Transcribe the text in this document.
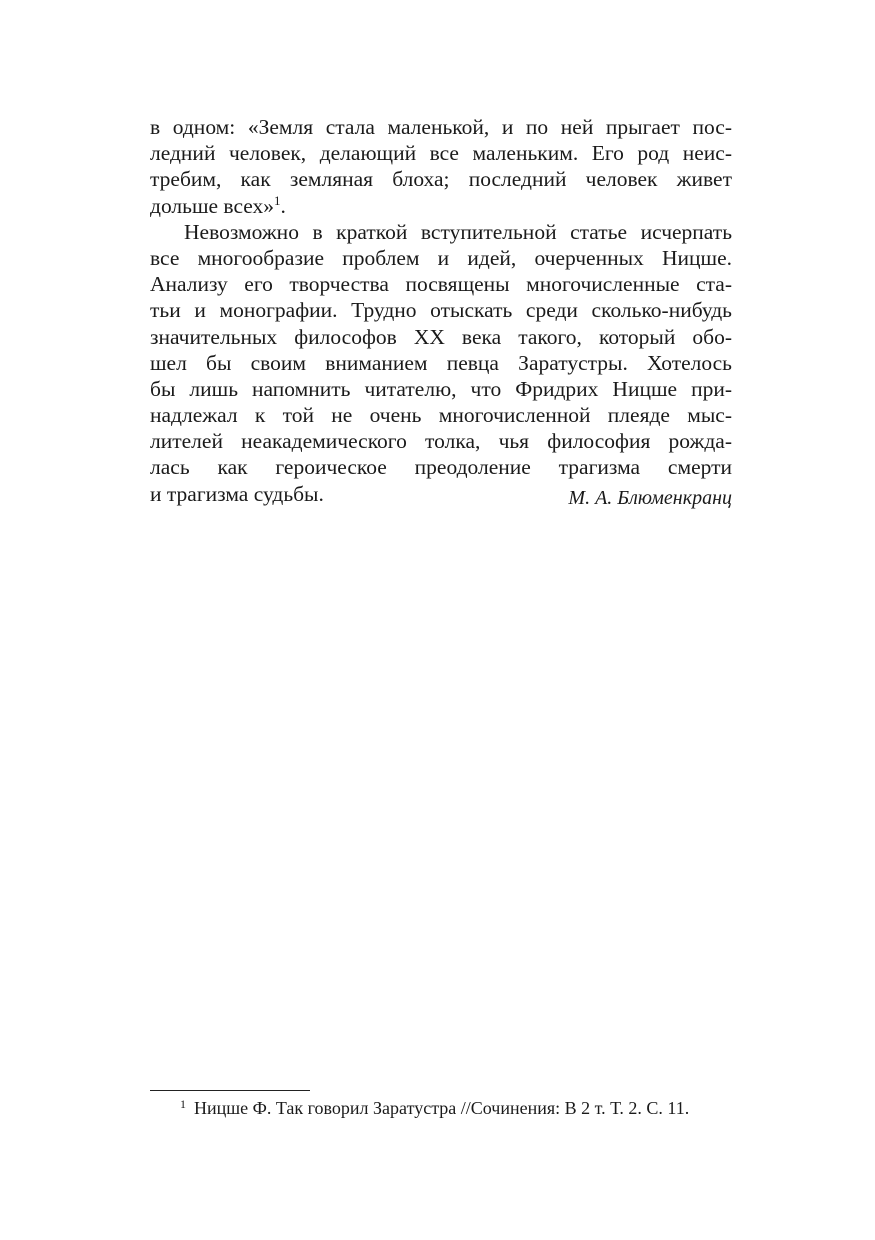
в одном: «Земля стала маленькой, и по ней прыгает пос-
ледний человек, делающий все маленьким. Его род неис-
требим, как земляная блоха; последний человек живет
дольше всех»$^1$.
Невозможно в краткой вступительной статье исчерпать
все многообразие проблем и идей, очерченных Ницше.
Анализу его творчества посвящены многочисленные ста-
тьи и монографии. Трудно отыскать среди сколько-нибудь
значительных философов XX века такого, который обо-
шел бы своим вниманием певца Заратустры. Хотелось
бы лишь напомнить читателю, что Фридрих Ницше при-
надлежал к той не очень многочисленной плеяде мыс-
лителей неакадемического толка, чья философия рожда-
лась как героическое преодоление трагизма смерти
и трагизма судьбы.	М. А. Блюменкранц
$^1$ Ницше Ф. Так говорил Заратустра //Сочинения: В 2 т. Т. 2. С. 11.
